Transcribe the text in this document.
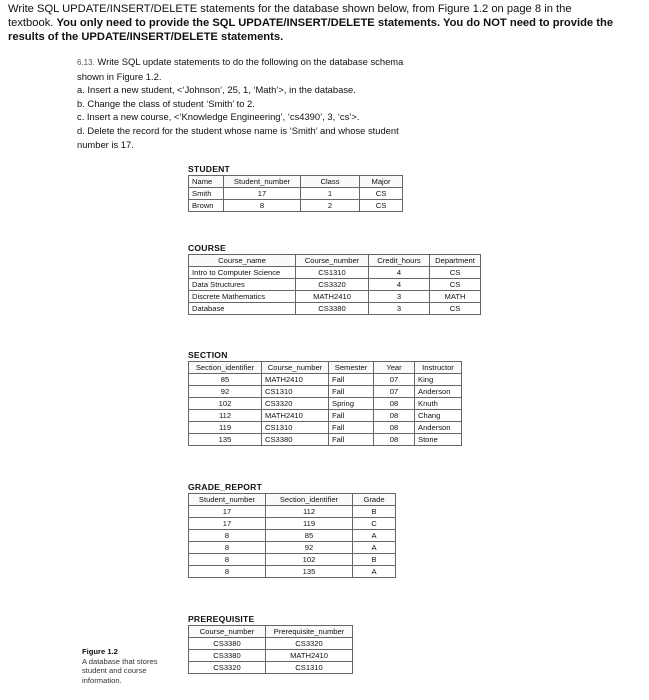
Write SQL UPDATE/INSERT/DELETE statements for the database shown below, from Figure 1.2 on page 8 in the
textbook. You only need to provide the SQL UPDATE/INSERT/DELETE statements. You do NOT need to provide the
results of the UPDATE/INSERT/DELETE statements.
6.13. Write SQL update statements to do the following on the database schema
shown in Figure 1.2.
a. Insert a new student, <‘Johnson’, 25, 1, ‘Math’>, in the database.
b. Change the class of student ‘Smith’ to 2.
c. Insert a new course, <‘Knowledge Engineering’, ‘cs4390’, 3, ‘cs’>.
d. Delete the record for the student whose name is ‘Smith’ and whose student
number is 17.
STUDENT
Name	Student_number	Class	Major
Smith	17	1	CS
Brown	8	2	CS
COURSE
Course_name	Course_number	Credit_hours	Department
Intro to Computer Science	CS1310	4	CS
Data Structures	CS3320	4	CS
Discrete Mathematics	MATH2410	3	MATH
Database	CS3380	3	CS
SECTION
Section_identifier	Course_number	Semester	Year	Instructor
85	MATH2410	Fall	07	King
92	CS1310	Fall	07	Anderson
102	CS3320	Spring	08	Knuth
112	MATH2410	Fall	08	Chang
119	CS1310	Fall	08	Anderson
135	CS3380	Fall	08	Stone
GRADE_REPORT
Student_number	Section_identifier	Grade
17	112	B
17	119	C
8	85	A
8	92	A
8	102	B
8	135	A
PREREQUISITE
Course_number	Prerequisite_number
CS3380	CS3320
CS3380	MATH2410
CS3320	CS1310
Figure 1.2
A database that stores
student and course
information.
